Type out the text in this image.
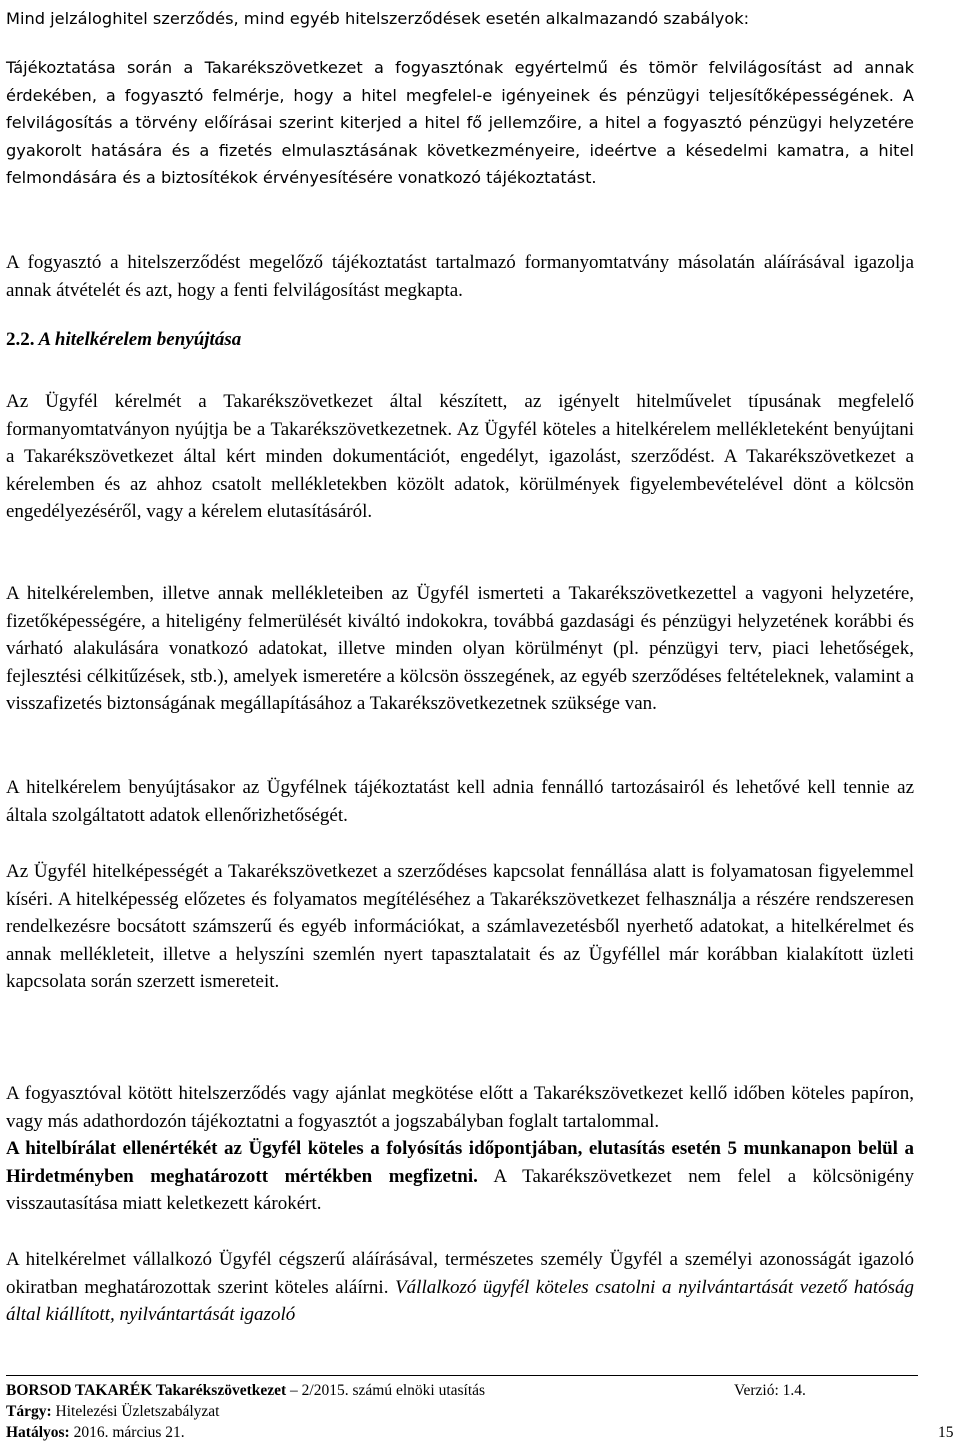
Mind jelzáloghitel szerződés, mind egyéb hitelszerződések esetén alkalmazandó szabályok:

Tájékoztatása során a Takarékszövetkezet a fogyasztónak egyértelmű és tömör felvilágosítást ad annak érdekében, a fogyasztó felmérje, hogy a hitel megfelel-e igényeinek és pénzügyi teljesítőképességének. A felvilágosítás a törvény előírásai szerint kiterjed a hitel fő jellemzőire, a hitel a fogyasztó pénzügyi helyzetére gyakorolt hatására és a fizetés elmulasztásának következményeire, ideértve a késedelmi kamatra, a hitel felmondására és a biztosítékok érvényesítésére vonatkozó tájékoztatást.

A fogyasztó a hitelszerződést megelőző tájékoztatást tartalmazó formanyomtatvány másolatán aláírásával igazolja annak átvételét és azt, hogy a fenti felvilágosítást megkapta.

2.2. A hitelkérelem benyújtása

Az Ügyfél kérelmét a Takarékszövetkezet által készített, az igényelt hitelművelet típusának megfelelő formanyomtatványon nyújtja be a Takarékszövetkezetnek. Az Ügyfél köteles a hitelkérelem mellékleteként benyújtani a Takarékszövetkezet által kért minden dokumentációt, engedélyt, igazolást, szerződést. A Takarékszövetkezet a kérelemben és az ahhoz csatolt mellékletekben közölt adatok, körülmények figyelembevételével dönt a kölcsön engedélyezéséről, vagy a kérelem elutasításáról.

A hitelkérelemben, illetve annak mellékleteiben az Ügyfél ismerteti a Takarékszövetkezettel a vagyoni helyzetére, fizetőképességére, a hiteligény felmerülését kiváltó indokokra, továbbá gazdasági és pénzügyi helyzetének korábbi és várható alakulására vonatkozó adatokat, illetve minden olyan körülményt (pl. pénzügyi terv, piaci lehetőségek, fejlesztési célkitűzések, stb.), amelyek ismeretére a kölcsön összegének, az egyéb szerződéses feltételeknek, valamint a visszafizetés biztonságának megállapításához a Takarékszövetkezetnek szüksége van.

A hitelkérelem benyújtásakor az Ügyfélnek tájékoztatást kell adnia fennálló tartozásairól és lehetővé kell tennie az általa szolgáltatott adatok ellenőrizhetőségét.

Az Ügyfél hitelképességét a Takarékszövetkezet a szerződéses kapcsolat fennállása alatt is folyamatosan figyelemmel kíséri. A hitelképesség előzetes és folyamatos megítéléséhez a Takarékszövetkezet felhasználja a részére rendszeresen rendelkezésre bocsátott számszerű és egyéb információkat, a számlavezetésből nyerhető adatokat, a hitelkérelmet és annak mellékleteit, illetve a helyszíni szemlén nyert tapasztalatait és az Ügyféllel már korábban kialakított üzleti kapcsolata során szerzett ismereteit.

A fogyasztóval kötött hitelszerződés vagy ajánlat megkötése előtt a Takarékszövetkezet kellő időben köteles papíron, vagy más adathordozón tájékoztatni a fogyasztót a jogszabályban foglalt tartalommal.

A hitelbírálat ellenértékét az Ügyfél köteles a folyósítás időpontjában, elutasítás esetén 5 munkanapon belül a Hirdetményben meghatározott mértékben megfizetni. A Takarékszövetkezet nem felel a kölcsönigény visszautasítása miatt keletkezett károkért.

A hitelkérelmet vállalkozó Ügyfél cégszerű aláírásával, természetes személy Ügyfél a személyi azonosságát igazoló okiratban meghatározottak szerint köteles aláírni. Vállalkozó ügyfél köteles csatolni a nyilvántartását vezető hatóság által kiállított, nyilvántartását igazoló

BORSOD TAKARÉK Takarékszövetkezet – 2/2015. számú elnöki utasítás	Verzió: 1.4.
Tárgy: Hitelezési Üzletszabályzat
Hatályos: 2016. március 21.	15
